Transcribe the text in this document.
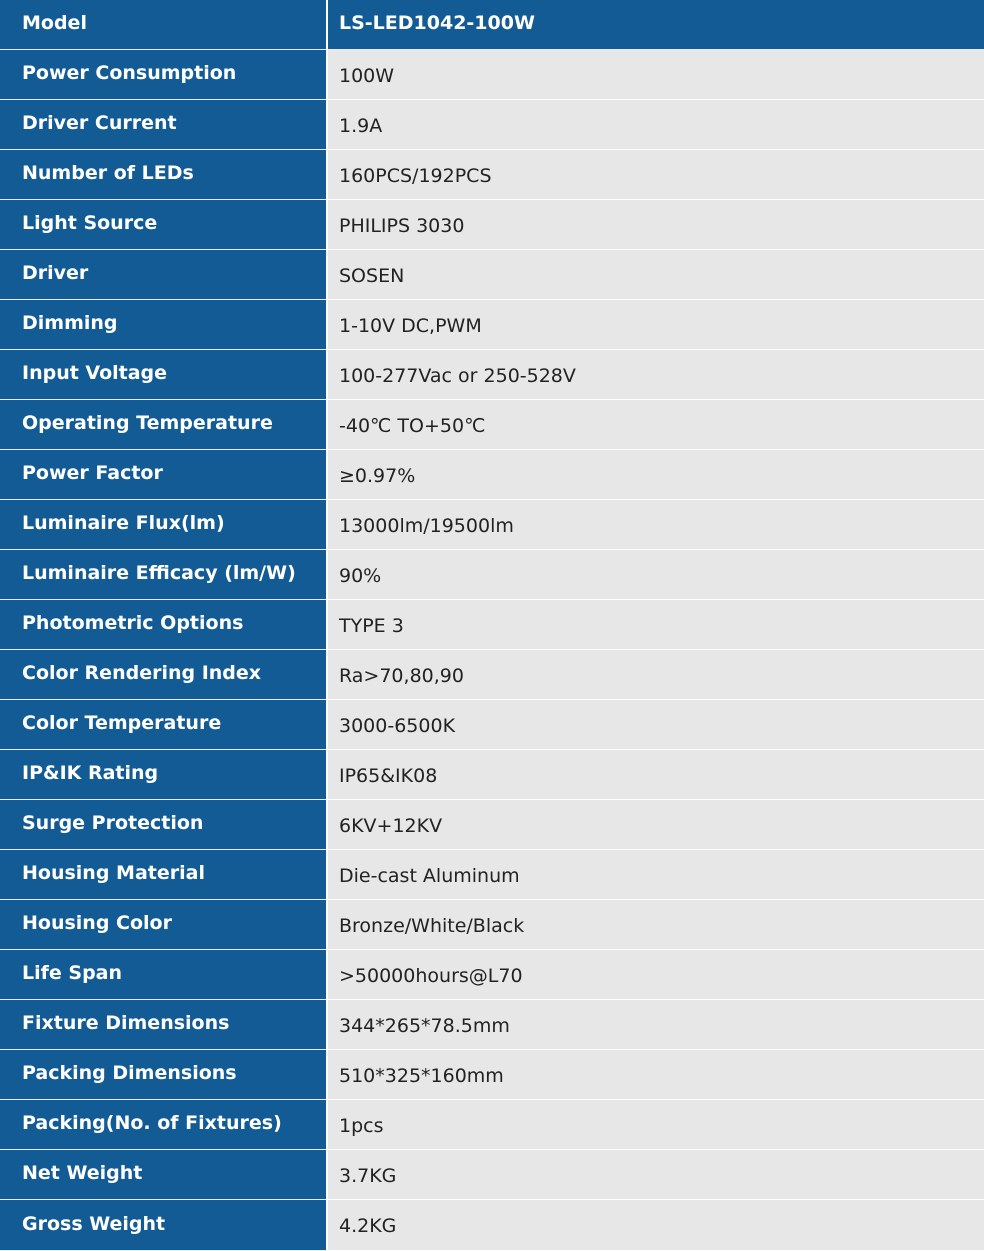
Model	LS-LED1042-100W
Power Consumption	100W
Driver Current	1.9A
Number of LEDs	160PCS/192PCS
Light Source	PHILIPS 3030
Driver	SOSEN
Dimming	1-10V DC,PWM
Input Voltage	100-277Vac or 250-528V
Operating Temperature	-40℃ TO+50℃
Power Factor	≥0.97%
Luminaire Flux(lm)	13000lm/19500lm
Luminaire Efficacy (lm/W)	90%
Photometric Options	TYPE 3
Color Rendering Index	Ra>70,80,90
Color Temperature	3000-6500K
IP&IK Rating	IP65&IK08
Surge Protection	6KV+12KV
Housing Material	Die-cast Aluminum
Housing Color	Bronze/White/Black
Life Span	>50000hours@L70
Fixture Dimensions	344*265*78.5mm
Packing Dimensions	510*325*160mm
Packing(No. of Fixtures)	1pcs
Net Weight	3.7KG
Gross Weight	4.2KG
